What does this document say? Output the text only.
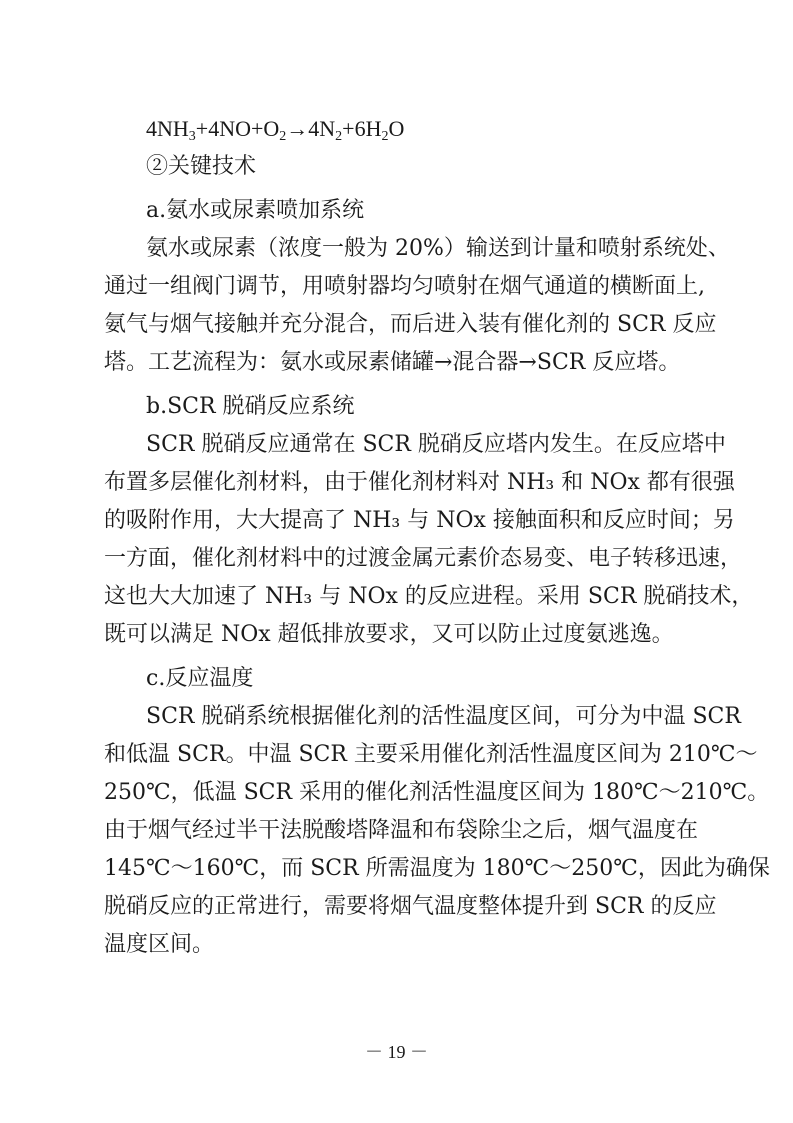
$4NH_3+4NO+O_2\to 4N_2+6H_2O$
②关键技术
a.氨水或尿素喷加系统
氨水或尿素（浓度一般为 20%）输送到计量和喷射系统处、
通过一组阀门调节，用喷射器均匀喷射在烟气通道的横断面上,
氨气与烟气接触并充分混合，而后进入装有催化剂的 SCR 反应
塔。工艺流程为：氨水或尿素储罐→混合器→SCR 反应塔。
b.SCR 脱硝反应系统
SCR 脱硝反应通常在 SCR 脱硝反应塔内发生。在反应塔中
布置多层催化剂材料，由于催化剂材料对 NH₃ 和 NOx 都有很强
的吸附作用，大大提高了 NH₃ 与 NOx 接触面积和反应时间；另
一方面，催化剂材料中的过渡金属元素价态易变、电子转移迅速，
这也大大加速了 NH₃ 与 NOx 的反应进程。采用 SCR 脱硝技术，
既可以满足 NOx 超低排放要求，又可以防止过度氨逃逸。
c.反应温度
SCR 脱硝系统根据催化剂的活性温度区间，可分为中温 SCR
和低温 SCR。中温 SCR 主要采用催化剂活性温度区间为 210℃～
250℃，低温 SCR 采用的催化剂活性温度区间为 180℃～210℃。
由于烟气经过半干法脱酸塔降温和布袋除尘之后，烟气温度在
145℃～160℃，而 SCR 所需温度为 180℃～250℃，因此为确保
脱硝反应的正常进行，需要将烟气温度整体提升到 SCR 的反应
温度区间。
－ 19 －
